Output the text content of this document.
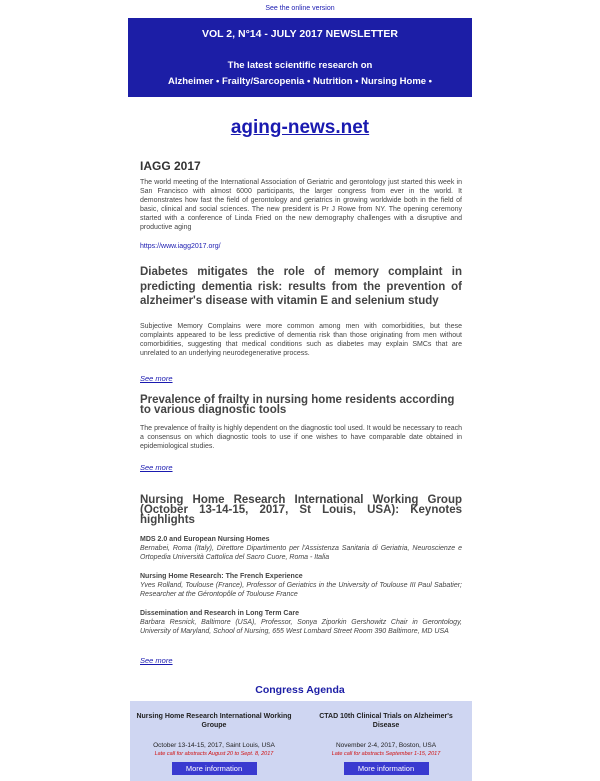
See the online version
VOL 2, N°14 - JULY 2017 NEWSLETTER
The latest scientific research on
Alzheimer • Frailty/Sarcopenia • Nutrition • Nursing Home •
aging-news.net
IAGG 2017
The world meeting of the International Association of Geriatric and gerontology just started this week in San Francisco with almost 6000 participants, the larger congress from ever in the world. It demonstrates how fast the field of gerontology and geriatrics in growing worldwide both in the field of basic, clinical and social sciences. The new president is Pr J Rowe from NY. The opening ceremony started with a conference of Linda Fried on the new demography challenges with a disruptive and productive aging
https://www.iagg2017.org/
Diabetes mitigates the role of memory complaint in predicting dementia risk: results from the prevention of alzheimer's disease with vitamin E and selenium study
Subjective Memory Complains were more common among men with comorbidities, but these complaints appeared to be less predictive of dementia risk than those originating from men without comorbidities, suggesting that medical conditions such as diabetes may explain SMCs that are unrelated to an underlying neurodegenerative process.
See more
Prevalence of frailty in nursing home residents according to various diagnostic tools
The prevalence of frailty is highly dependent on the diagnostic tool used. It would be necessary to reach a consensus on which diagnostic tools to use if one wishes to have comparable date obtained in epidemiological studies.
See more
Nursing Home Research International Working Group (October 13-14-15, 2017, St Louis, USA): Keynotes highlights
MDS 2.0 and European Nursing Homes
Bernabei, Roma (Italy), Direttore Dipartimento per l'Assistenza Sanitaria di Geriatria, Neuroscienze e Ortopedia Università Cattolica del Sacro Cuore, Roma - Italia
Nursing Home Research: The French Experience
Yves Rolland, Toulouse (France), Professor of Geriatrics in the University of Toulouse III Paul Sabatier; Researcher at the Gérontopôle of Toulouse France
Dissemination and Research in Long Term Care
Barbara Resnick, Baltimore (USA), Professor, Sonya Ziporkin Gershowitz Chair in Gerontology, University of Maryland, School of Nursing, 655 West Lombard Street Room 390 Baltimore, MD USA
See more
Congress Agenda
Nursing Home Research International Working Groupe
October 13-14-15, 2017, Saint Louis, USA
Late call for abstracts August 20 to Sept. 8, 2017
More information
CTAD 10th Clinical Trials on Alzheimer's Disease
November 2-4, 2017, Boston, USA
Late call for abstracts September 1-15, 2017
More information
